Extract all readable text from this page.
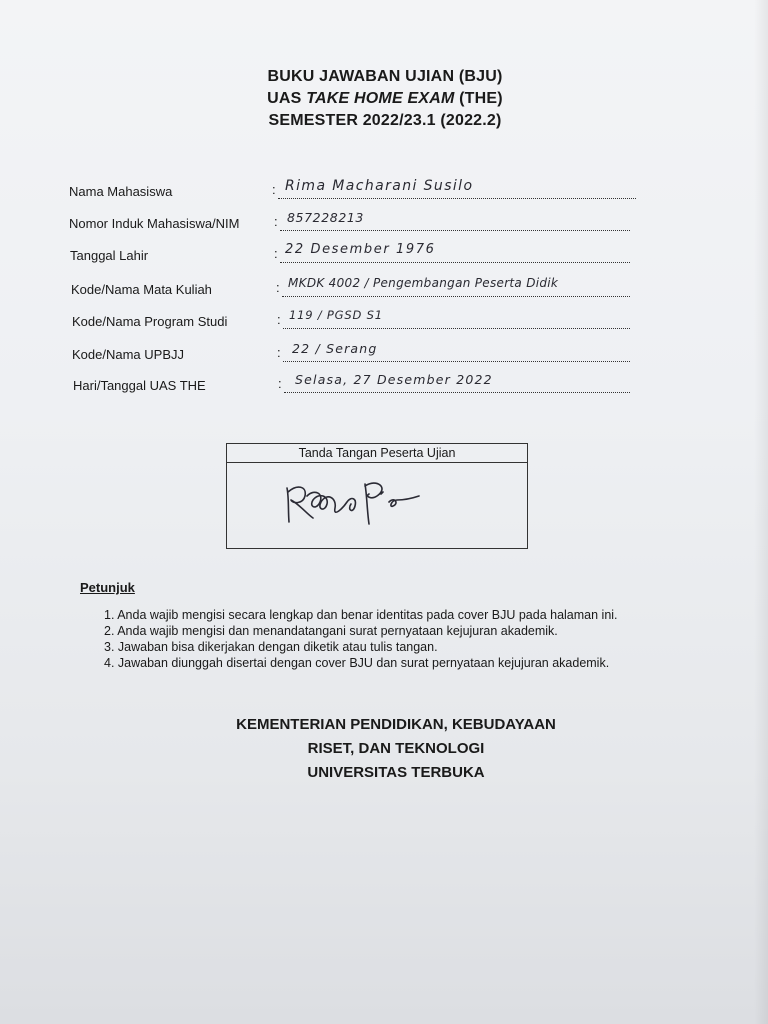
BUKU JAWABAN UJIAN (BJU)
UAS TAKE HOME EXAM (THE)
SEMESTER 2022/23.1 (2022.2)
Nama Mahasiswa	: Rima Macharani Susilo
Nomor Induk Mahasiswa/NIM	: 857228213
Tanggal Lahir	: 22 Desember 1976
Kode/Nama Mata Kuliah	: MKDK 4002 / Pengembangan Peserta Didik
Kode/Nama Program Studi	: 119 / PGSD S1
Kode/Nama UPBJJ	: 22 / Serang
Hari/Tanggal UAS THE	: Selasa, 27 Desember 2022
Tanda Tangan Peserta Ujian
Petunjuk
1. Anda wajib mengisi secara lengkap dan benar identitas pada cover BJU pada halaman ini.
2. Anda wajib mengisi dan menandatangani surat pernyataan kejujuran akademik.
3. Jawaban bisa dikerjakan dengan diketik atau tulis tangan.
4. Jawaban diunggah disertai dengan cover BJU dan surat pernyataan kejujuran akademik.
KEMENTERIAN PENDIDIKAN, KEBUDAYAAN
RISET, DAN TEKNOLOGI
UNIVERSITAS TERBUKA
